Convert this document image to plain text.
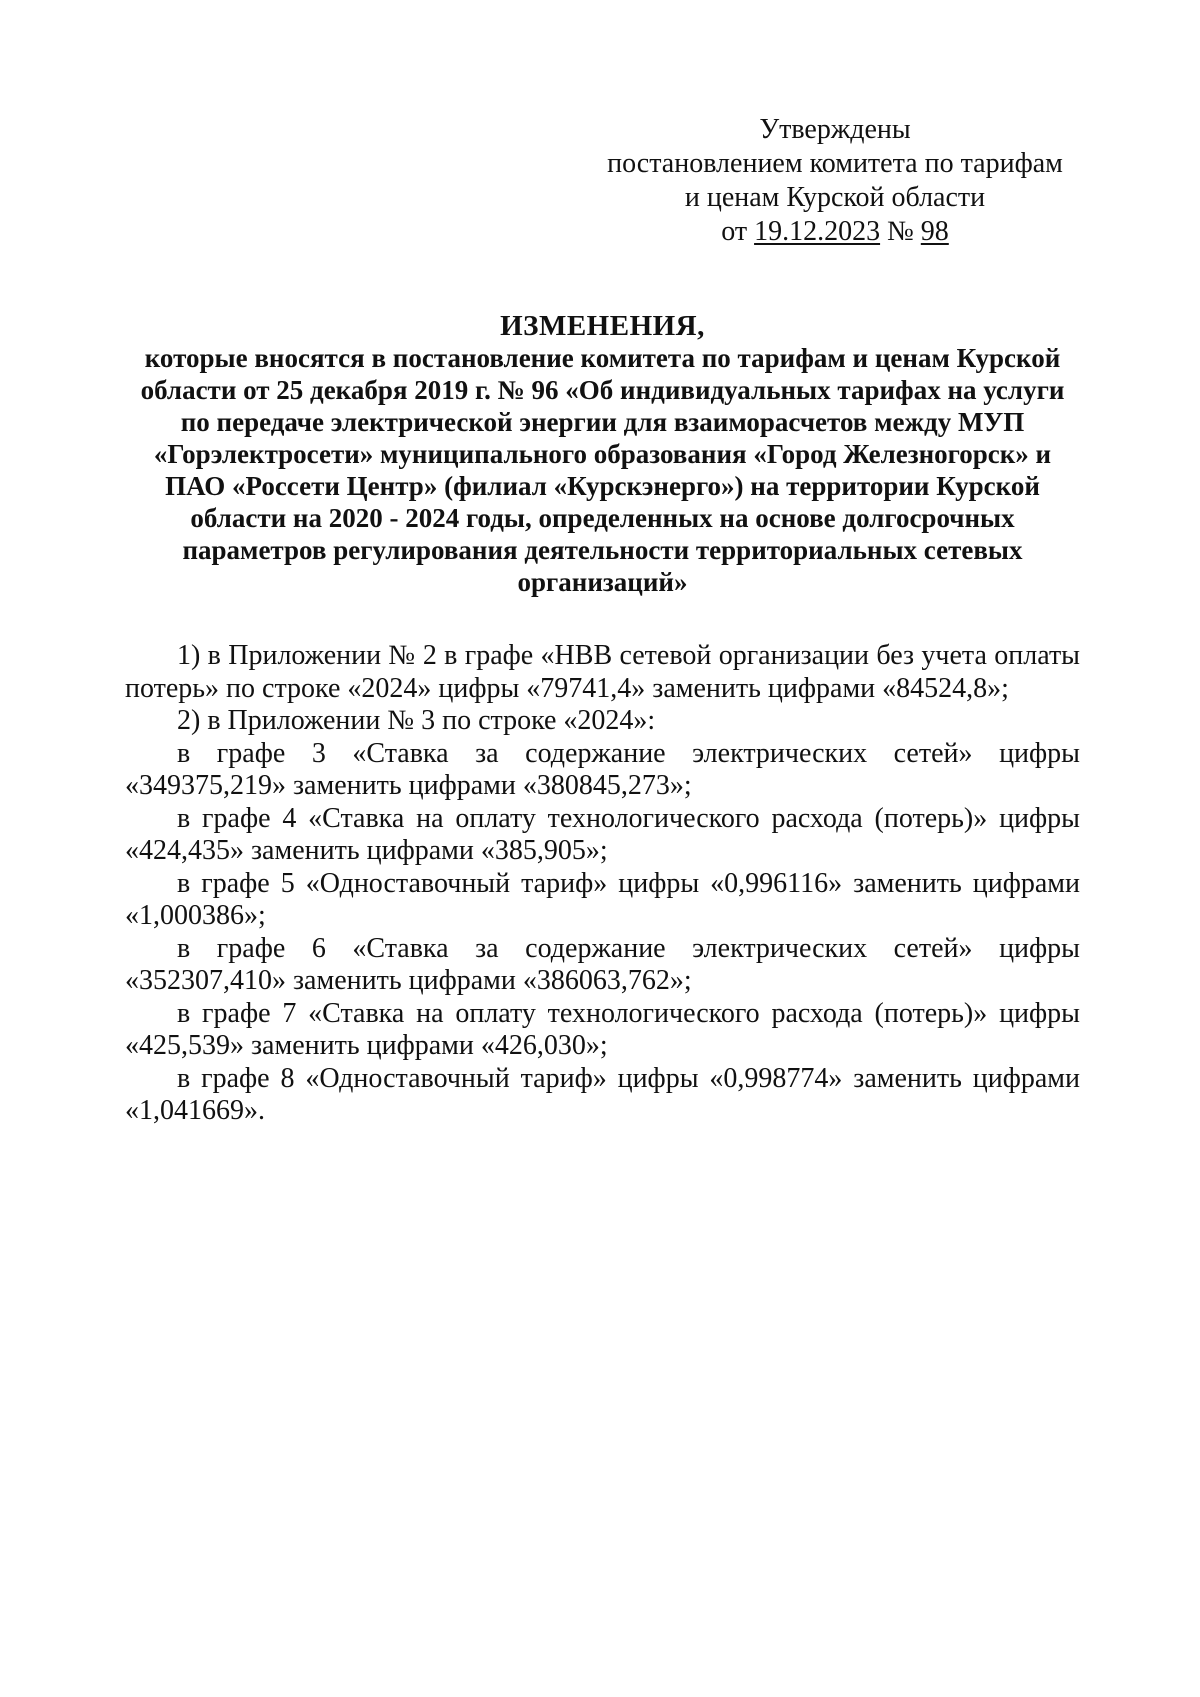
Утверждены
постановлением комитета по тарифам
и ценам Курской области
от 19.12.2023 № 98
ИЗМЕНЕНИЯ,
которые вносятся в постановление комитета по тарифам и ценам Курской области от 25 декабря 2019 г. № 96 «Об индивидуальных тарифах на услуги по передаче электрической энергии для взаиморасчетов между МУП «Горэлектросети» муниципального образования «Город Железногорск» и ПАО «Россети Центр» (филиал «Курскэнерго») на территории Курской области на 2020 - 2024 годы, определенных на основе долгосрочных параметров регулирования деятельности территориальных сетевых организаций»

1) в Приложении № 2 в графе «НВВ сетевой организации без учета оплаты потерь» по строке «2024» цифры «79741,4» заменить цифрами «84524,8»;

2) в Приложении № 3 по строке «2024»:

в графе 3 «Ставка за содержание электрических сетей» цифры «349375,219» заменить цифрами «380845,273»;

в графе 4 «Ставка на оплату технологического расхода (потерь)» цифры «424,435» заменить цифрами «385,905»;

в графе 5 «Одноставочный тариф» цифры «0,996116» заменить цифрами «1,000386»;

в графе 6 «Ставка за содержание электрических сетей» цифры «352307,410» заменить цифрами «386063,762»;

в графе 7 «Ставка на оплату технологического расхода (потерь)» цифры «425,539» заменить цифрами «426,030»;

в графе 8 «Одноставочный тариф» цифры «0,998774» заменить цифрами «1,041669».
